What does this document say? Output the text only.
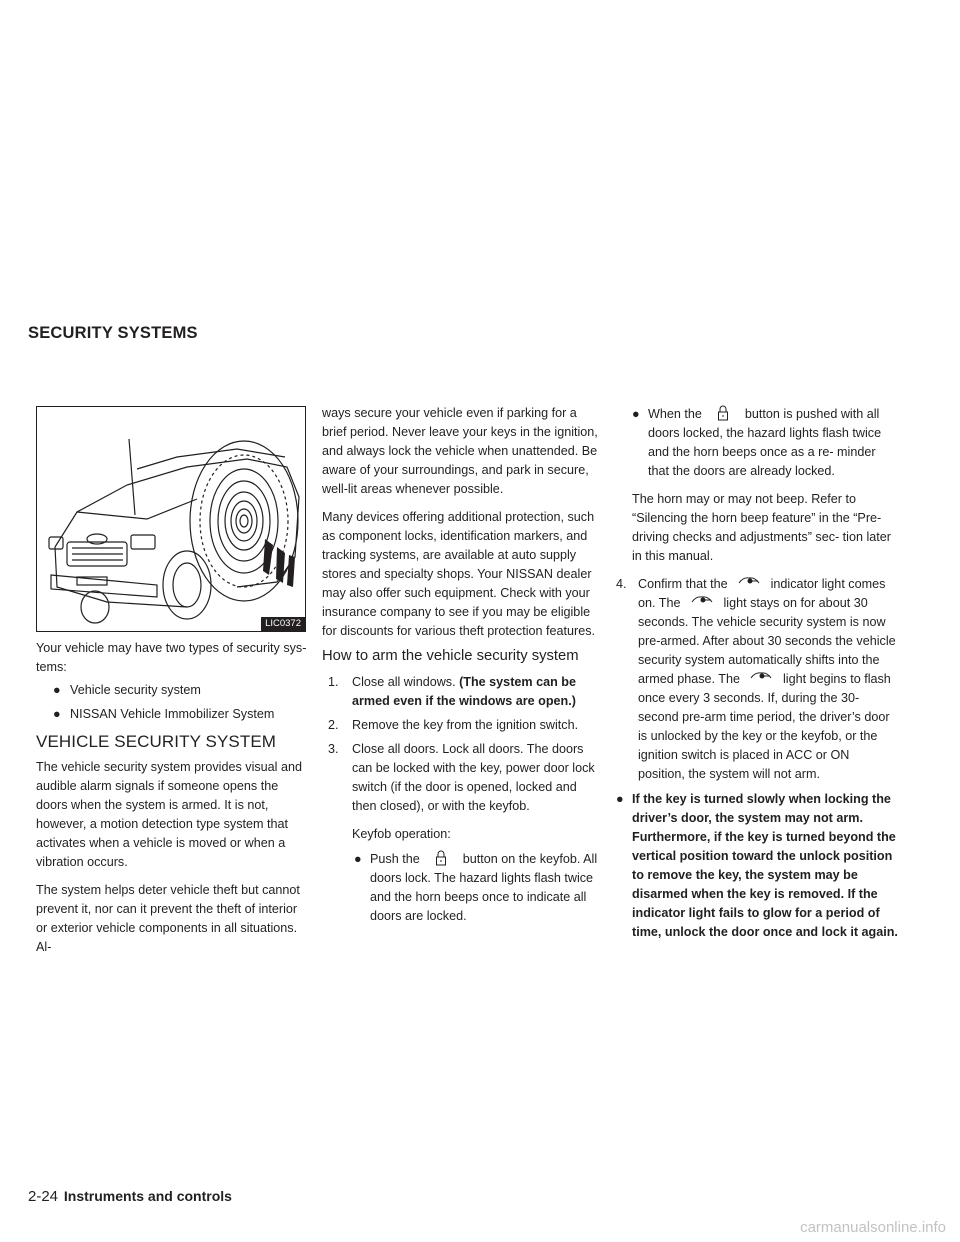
SECURITY SYSTEMS
LIC0372

Your vehicle may have two types of security sys- tems:

● Vehicle security system
● NISSAN Vehicle Immobilizer System
VEHICLE SECURITY SYSTEM

The vehicle security system provides visual and audible alarm signals if someone opens the doors when the system is armed. It is not, however, a motion detection type system that activates when a vehicle is moved or when a vibration occurs.

The system helps deter vehicle theft but cannot prevent it, nor can it prevent the theft of interior or exterior vehicle components in all situations. Al-

ways secure your vehicle even if parking for a brief period. Never leave your keys in the ignition, and always lock the vehicle when unattended. Be aware of your surroundings, and park in secure, well-lit areas whenever possible.

Many devices offering additional protection, such as component locks, identification markers, and tracking systems, are available at auto supply stores and specialty shops. Your NISSAN dealer may also offer such equipment. Check with your insurance company to see if you may be eligible for discounts for various theft protection features.

How to arm the vehicle security system
1. Close all windows. (The system can be armed even if the windows are open.)
2. Remove the key from the ignition switch.
3. Close all doors. Lock all doors. The doors can be locked with the key, power door lock switch (if the door is opened, locked and then closed), or with the keyfob.
Keyfob operation:
● Push the	button on the keyfob. All doors lock. The hazard lights flash twice and the horn beeps once to indicate all doors are locked.
● When the	button is pushed with all doors locked, the hazard lights flash twice and the horn beeps once as a re- minder that the doors are already locked.

The horn may or may not beep. Refer to “Silencing the horn beep feature” in the “Pre-driving checks and adjustments” sec- tion later in this manual.

4. Confirm that the	indicator light comes on. The	light stays on for about 30 seconds. The vehicle security system is now pre-armed. After about 30 seconds the vehicle security system automatically shifts into the armed phase. The	light begins to flash once every 3 seconds. If, during the 30-second pre-arm time period, the driver’s door is unlocked by the key or the keyfob, or the ignition switch is placed in ACC or ON position, the system will not arm.
● If the key is turned slowly when locking the driver’s door, the system may not arm. Furthermore, if the key is turned beyond the vertical position toward the unlock position to remove the key, the system may be disarmed when the key is removed. If the indicator light fails to glow for a period of time, unlock the door once and lock it again.
2-24 Instruments and controls
carmanualsonline.info
